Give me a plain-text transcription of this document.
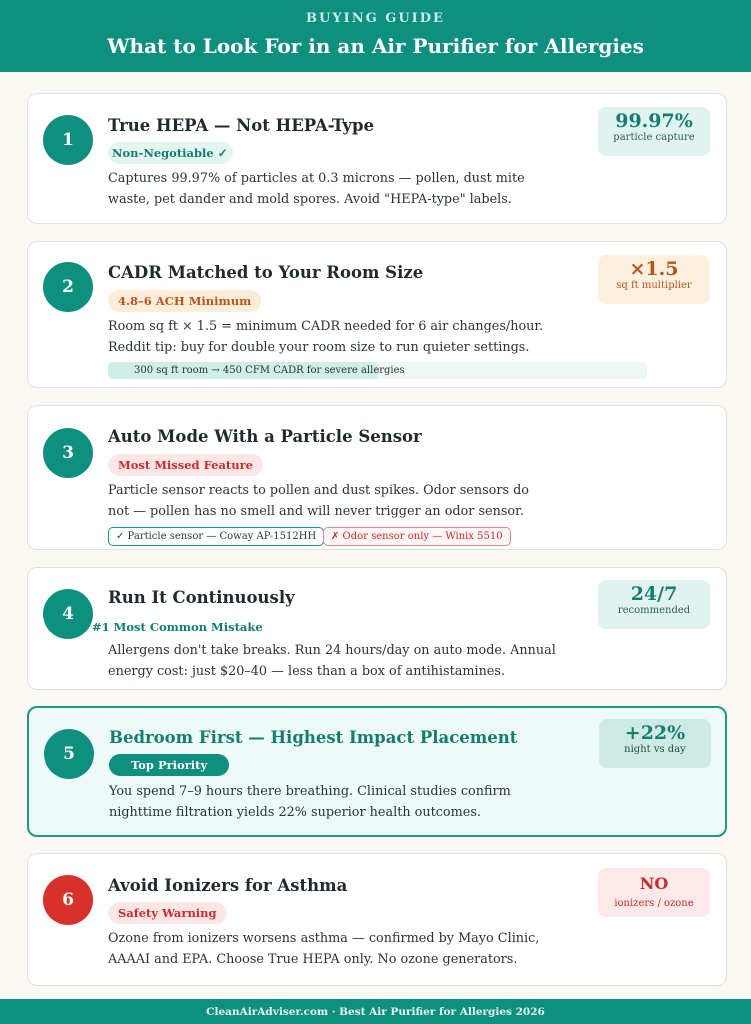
BUYING GUIDE
What to Look For in an Air Purifier for Allergies
1
True HEPA — Not HEPA-Type
Non-Negotiable ✓
Captures 99.97% of particles at 0.3 microns — pollen, dust mite waste, pet dander and mold spores. Avoid "HEPA-type" labels.
99.97%
particle capture
2
CADR Matched to Your Room Size
4.8–6 ACH Minimum
Room sq ft × 1.5 = minimum CADR needed for 6 air changes/hour. Reddit tip: buy for double your room size to run quieter settings.
×1.5
sq ft multiplier
300 sq ft room → 450 CFM CADR for severe allergies
3
Auto Mode With a Particle Sensor
Most Missed Feature
Particle sensor reacts to pollen and dust spikes. Odor sensors do not — pollen has no smell and will never trigger an odor sensor.
✓ Particle sensor — Coway AP-1512HH	✗ Odor sensor only — Winix 5510
4
Run It Continuously
#1 Most Common Mistake
Allergens don't take breaks. Run 24 hours/day on auto mode. Annual energy cost: just $20–40 — less than a box of antihistamines.
24/7
recommended
5
Bedroom First — Highest Impact Placement
Top Priority
You spend 7–9 hours there breathing. Clinical studies confirm nighttime filtration yields 22% superior health outcomes.
+22%
night vs day
6
Avoid Ionizers for Asthma
Safety Warning
Ozone from ionizers worsens asthma — confirmed by Mayo Clinic, AAAAI and EPA. Choose True HEPA only. No ozone generators.
NO
ionizers / ozone
CleanAirAdviser.com · Best Air Purifier for Allergies 2026
